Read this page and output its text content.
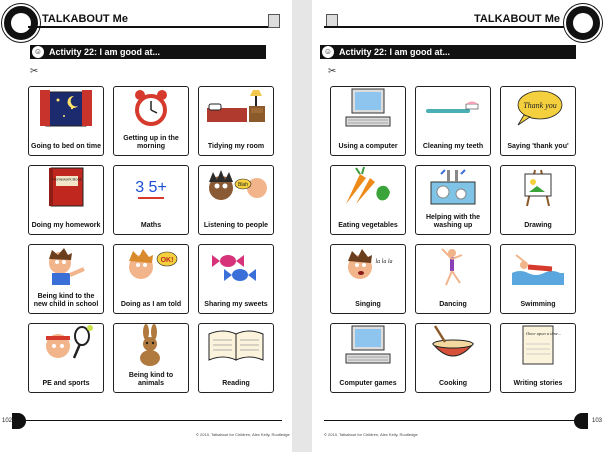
TALKABOUT Me
☺ Activity 22: I am good at...
✂
Going to bed on time
Getting up in the morning	Tidying my room
Homework Book
Doing my homework
3 5+
Maths
Blah
Listening to people
Being kind to the new child in school
OK!
Doing as I am told	Sharing my sweets
PE and sports
Being kind to animals	Reading
102
© 2010, Talkabout for Children, Alex Kelly, Routledge
TALKABOUT Me
☺ Activity 22: I am good at...
✂
Using a computer	Cleaning my teeth
Thank you
Saying 'thank you'
Eating vegetables
Helping with the washing up	Drawing
la la la
Singing	Dancing	Swimming
Computer games	Cooking
Once upon a time...
Writing stories
103
© 2010, Talkabout for Children, Alex Kelly, Routledge
